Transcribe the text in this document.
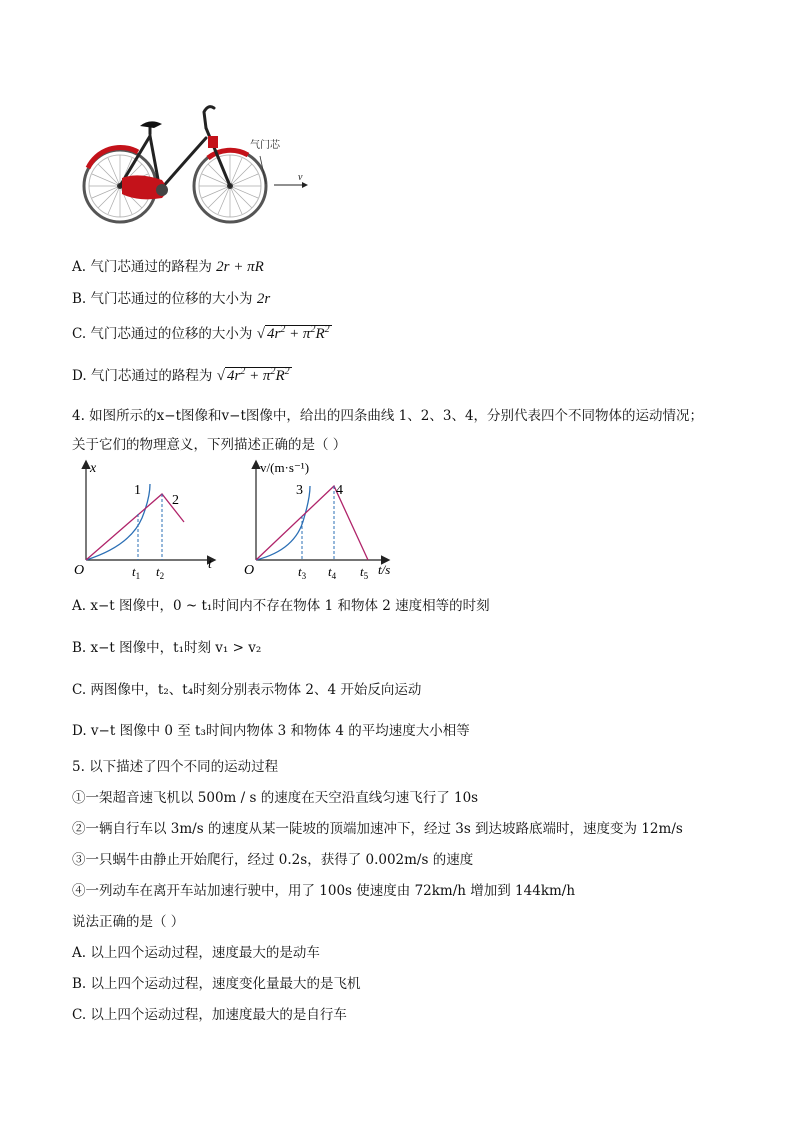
气门芯
v
A. 气门芯通过的路程为 2r + πR
B. 气门芯通过的位移的大小为 2r
C. 气门芯通过的位移的大小为 √ $4r^2 + \pi^2R^2$
D. 气门芯通过的路程为 √ $4r^2 + \pi^2R^2$
4. 如图所示的x−t图像和v−t图像中，给出的四条曲线 1、2、3、4，分别代表四个不同物体的运动情况；
关于它们的物理意义，下列描述正确的是（ ）
x
t
O
1
2
$t_1$ $t_2$
v/(m·s⁻¹)
t/s
O
3 4
$t_3$ $t_4$ $t_5$
A. x−t 图像中，0 ~ t₁时间内不存在物体 1 和物体 2 速度相等的时刻
B. x−t 图像中，t₁时刻 v₁ > v₂
C. 两图像中，t₂、t₄时刻分别表示物体 2、4 开始反向运动
D. v−t 图像中 0 至 t₃时间内物体 3 和物体 4 的平均速度大小相等
5. 以下描述了四个不同的运动过程
①一架超音速飞机以 500m / s 的速度在天空沿直线匀速飞行了 10s
②一辆自行车以 3m/s 的速度从某一陡坡的顶端加速冲下，经过 3s 到达坡路底端时，速度变为 12m/s
③一只蜗牛由静止开始爬行，经过 0.2s，获得了 0.002m/s 的速度
④一列动车在离开车站加速行驶中，用了 100s 使速度由 72km/h 增加到 144km/h
说法正确的是（ ）
A. 以上四个运动过程，速度最大的是动车
B. 以上四个运动过程，速度变化量最大的是飞机
C. 以上四个运动过程，加速度最大的是自行车
